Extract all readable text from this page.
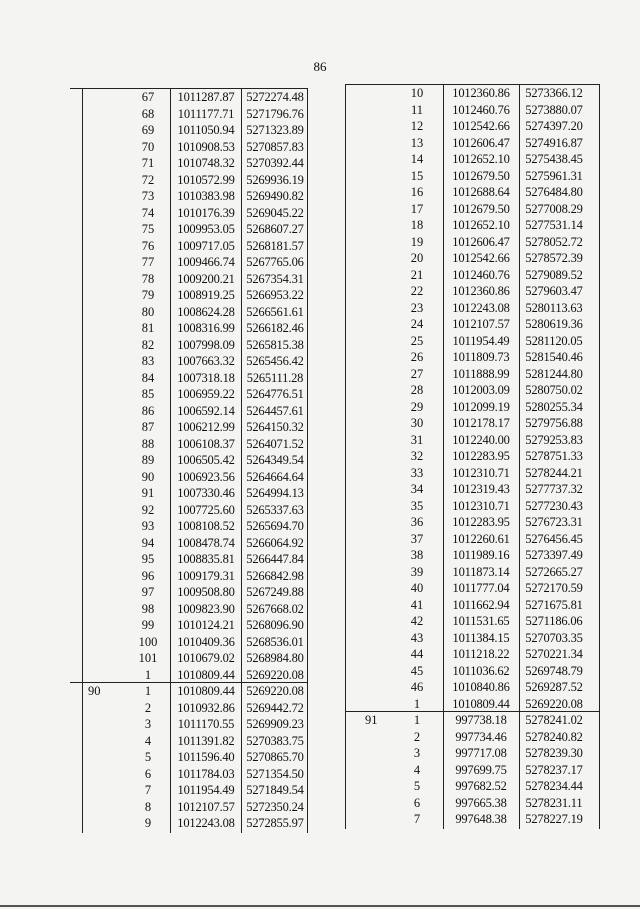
86
67	1011287.87 5272274.48
68	1011177.71 5271796.76
69	1011050.94 5271323.89
70	1010908.53 5270857.83
71	1010748.32 5270392.44
72	1010572.99 5269936.19
73	1010383.98 5269490.82
74	1010176.39 5269045.22
75	1009953.05 5268607.27
76	1009717.05 5268181.57
77	1009466.74 5267765.06
78	1009200.21 5267354.31
79	1008919.25 5266953.22
80	1008624.28 5266561.61
81	1008316.99 5266182.46
82	1007998.09 5265815.38
83	1007663.32 5265456.42
84	1007318.18 5265111.28
85	1006959.22 5264776.51
86	1006592.14 5264457.61
87	1006212.99 5264150.32
88	1006108.37 5264071.52
89	1006505.42 5264349.54
90	1006923.56 5264664.64
91	1007330.46 5264994.13
92	1007725.60 5265337.63
93	1008108.52 5265694.70
94	1008478.74 5266064.92
95	1008835.81 5266447.84
96	1009179.31 5266842.98
97	1009508.80 5267249.88
98	1009823.90 5267668.02
99	1010124.21 5268096.90
100	1010409.36 5268536.01
101	1010679.02 5268984.80
1	1010809.44 5269220.08
90	1	1010809.44 5269220.08
2	1010932.86 5269442.72
3	1011170.55 5269909.23
4	1011391.82 5270383.75
5	1011596.40 5270865.70
6	1011784.03 5271354.50
7	1011954.49 5271849.54
8	1012107.57 5272350.24
9	1012243.08 5272855.97
10	1012360.86	5273366.12
11	1012460.76	5273880.07
12	1012542.66	5274397.20
13	1012606.47	5274916.87
14	1012652.10	5275438.45
15	1012679.50	5275961.31
16	1012688.64	5276484.80
17	1012679.50	5277008.29
18	1012652.10	5277531.14
19	1012606.47	5278052.72
20	1012542.66	5278572.39
21	1012460.76	5279089.52
22	1012360.86	5279603.47
23	1012243.08	5280113.63
24	1012107.57	5280619.36
25	1011954.49	5281120.05
26	1011809.73	5281540.46
27	1011888.99	5281244.80
28	1012003.09	5280750.02
29	1012099.19	5280255.34
30	1012178.17	5279756.88
31	1012240.00	5279253.83
32	1012283.95	5278751.33
33	1012310.71	5278244.21
34	1012319.43	5277737.32
35	1012310.71	5277230.43
36	1012283.95	5276723.31
37	1012260.61	5276456.45
38	1011989.16	5273397.49
39	1011873.14	5272665.27
40	1011777.04	5272170.59
41	1011662.94	5271675.81
42	1011531.65	5271186.06
43	1011384.15	5270703.35
44	1011218.22	5270221.34
45	1011036.62	5269748.79
46	1010840.86	5269287.52
1	1010809.44	5269220.08
91	1	997738.18	5278241.02
2	997734.46	5278240.82
3	997717.08	5278239.30
4	997699.75	5278237.17
5	997682.52	5278234.44
6	997665.38	5278231.11
7	997648.38	5278227.19
